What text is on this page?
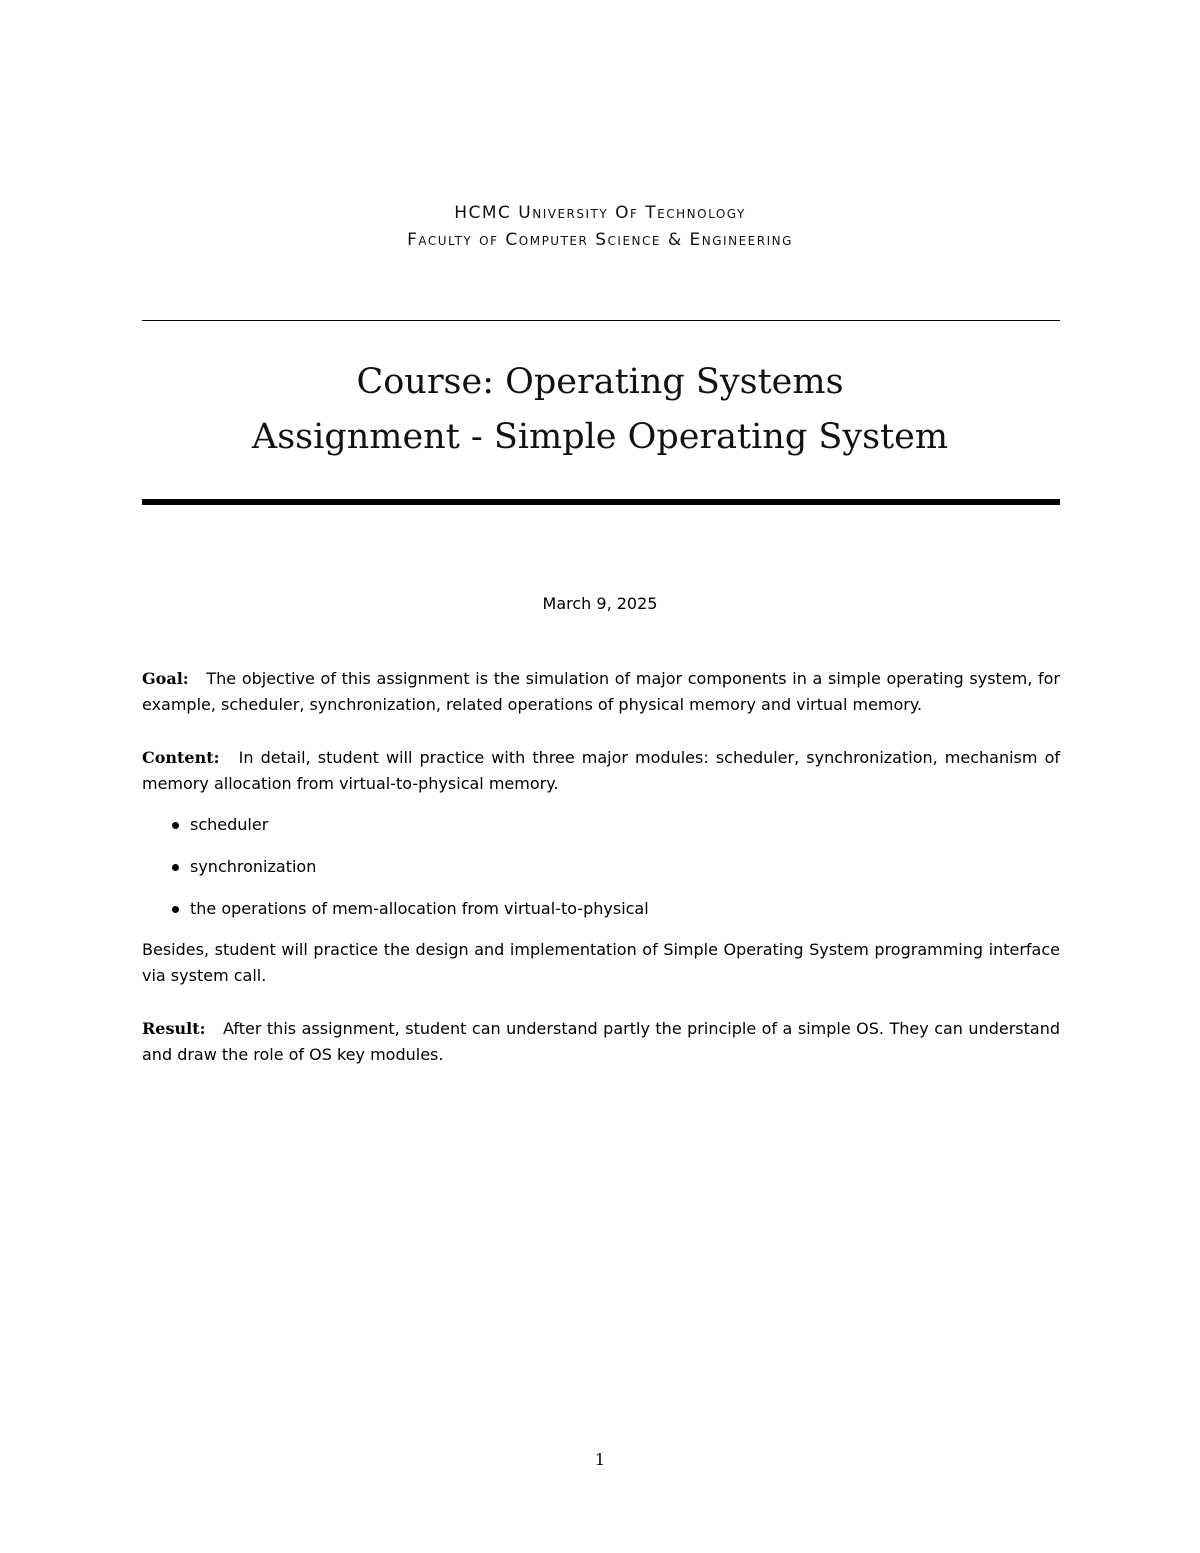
HCMC University Of Technology
Faculty of Computer Science & Engineering
Course: Operating Systems
Assignment - Simple Operating System
March 9, 2025
Goal: The objective of this assignment is the simulation of major components in a simple operating system, for example, scheduler, synchronization, related operations of physical memory and virtual memory.
Content: In detail, student will practice with three major modules: scheduler, synchronization, mechanism of memory allocation from virtual-to-physical memory.
scheduler
synchronization
the operations of mem-allocation from virtual-to-physical
Besides, student will practice the design and implementation of Simple Operating System programming interface via system call.
Result: After this assignment, student can understand partly the principle of a simple OS. They can understand and draw the role of OS key modules.
1
